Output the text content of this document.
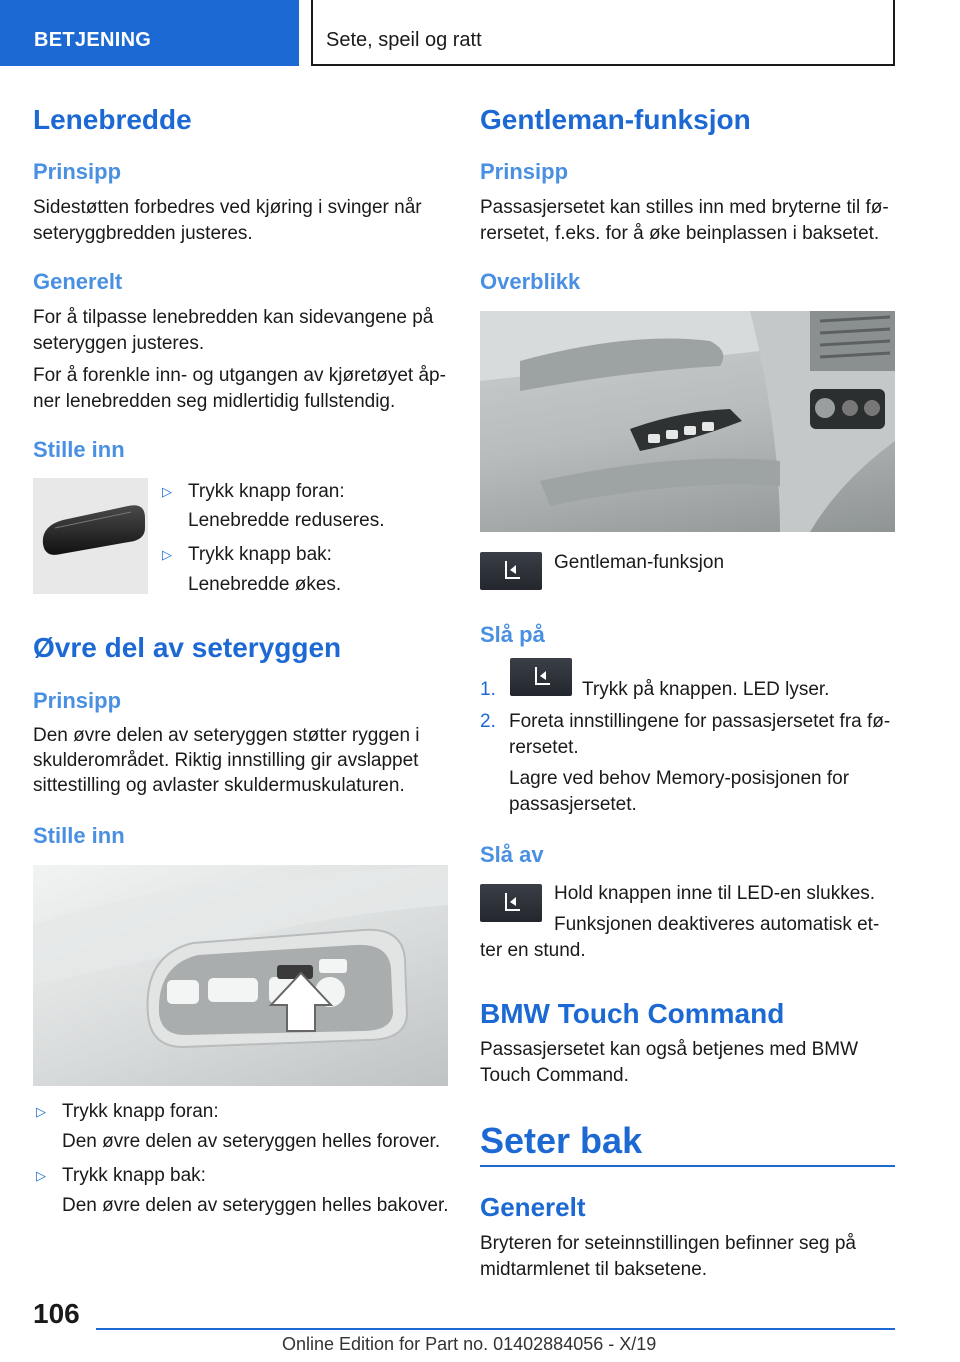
BETJENING	Sete, speil og ratt
Lenebredde
Prinsipp
Sidestøtten forbedres ved kjøring i svinger når
seteryggbredden justeres.
Generelt
For å tilpasse lenebredden kan sidevangene på
seteryggen justeres.
For å forenkle inn- og utgangen av kjøretøyet åp-
ner lenebredden seg midlertidig fullstendig.
Stille inn
▷ Trykk knapp foran:
Lenebredde reduseres.
▷ Trykk knapp bak:
Lenebredde økes.
Øvre del av seteryggen
Prinsipp
Den øvre delen av seteryggen støtter ryggen i
skulderområdet. Riktig innstilling gir avslappet
sittestilling og avlaster skuldermuskulaturen.
Stille inn
▷ Trykk knapp foran:
Den øvre delen av seteryggen helles forover.
▷ Trykk knapp bak:
Den øvre delen av seteryggen helles bakover.
Gentleman-funksjon
Prinsipp
Passasjersetet kan stilles inn med bryterne til fø-
rersetet, f.eks. for å øke beinplassen i baksetet.
Overblikk
Gentleman-funksjon
Slå på
1.	Trykk på knappen. LED lyser.
2. Foreta innstillingene for passasjersetet fra fø-
rersetet.
Lagre ved behov Memory-posisjonen for
passasjersetet.
Slå av
Hold knappen inne til LED-en slukkes.
Funksjonen deaktiveres automatisk et-
ter en stund.
BMW Touch Command
Passasjersetet kan også betjenes med BMW
Touch Command.
Seter bak
Generelt
Bryteren for seteinnstillingen befinner seg på
midtarmlenet til baksetene.
106
Online Edition for Part no. 01402884056 - X/19
